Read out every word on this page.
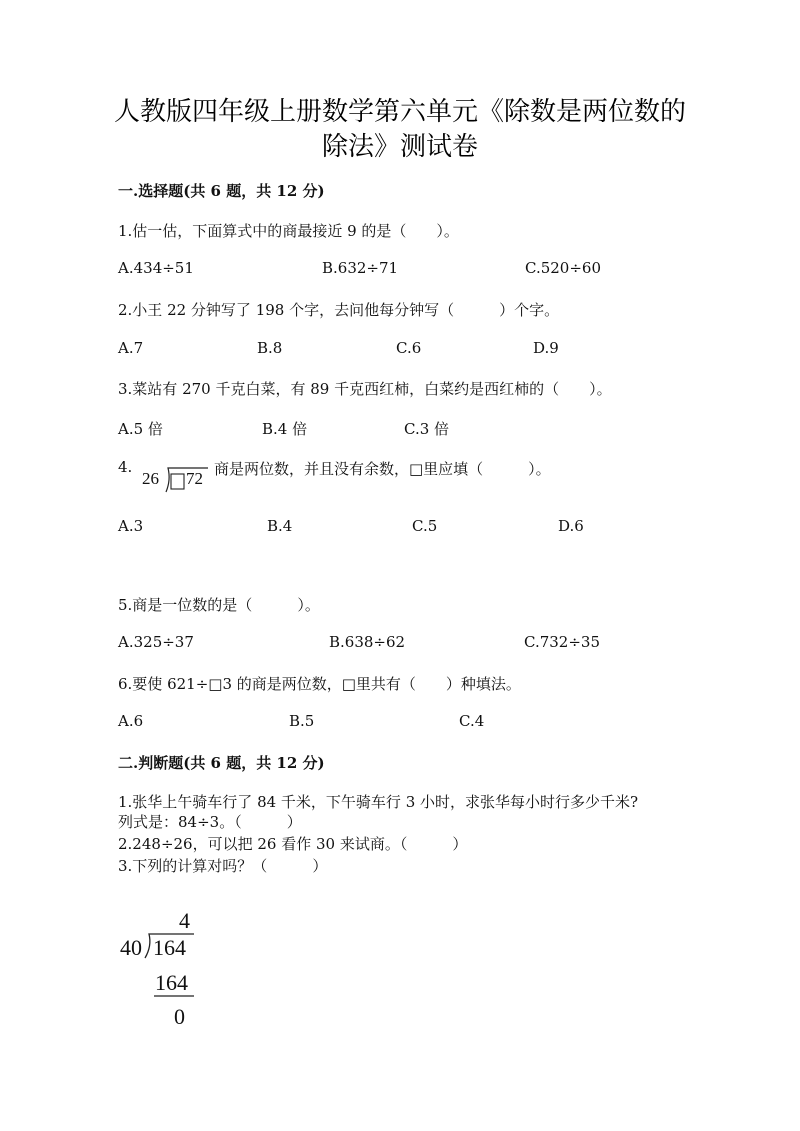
人教版四年级上册数学第六单元《除数是两位数的
除法》测试卷
一.选择题(共 6 题，共 12 分)
1.估一估，下面算式中的商最接近 9 的是（　　）。
A.434÷51	B.632÷71	C.520÷60
2.小王 22 分钟写了 198 个字，去问他每分钟写（　　　）个字。
A.7	B.8	C.6	D.9
3.菜站有 270 千克白菜，有 89 千克西红柿，白菜约是西红柿的（　　）。
A.5 倍	B.4 倍	C.3 倍
4.
26 72 商是两位数，并且没有余数，□里应填（　　　）。
A.3	B.4	C.5	D.6
5.商是一位数的是（　　　）。
A.325÷37	B.638÷62	C.732÷35
6.要使 621÷□3 的商是两位数，□里共有（　　）种填法。
A.6	B.5	C.4
二.判断题(共 6 题，共 12 分)
1.张华上午骑车行了 84 千米，下午骑车行 3 小时，求张华每小时行多少千米?
列式是：84÷3。（　　　）
2.248÷26，可以把 26 看作 30 来试商。（　　　）
3.下列的计算对吗？（　　　）
4
40 164
164
0
